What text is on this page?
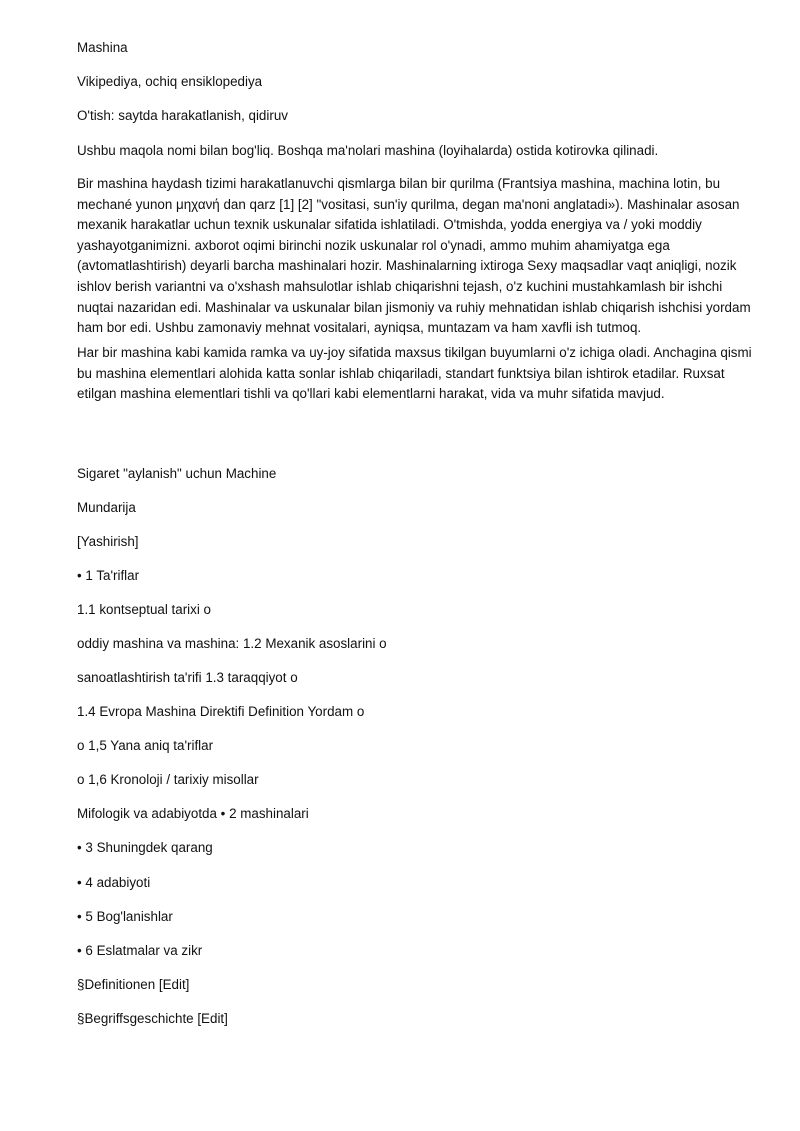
Mashina
Vikipediya, ochiq ensiklopediya
O'tish: saytda harakatlanish, qidiruv
Ushbu maqola nomi bilan bog'liq. Boshqa ma'nolari mashina (loyihalarda) ostida kotirovka qilinadi.
Bir mashina haydash tizimi harakatlanuvchi qismlarga bilan bir qurilma (Frantsiya mashina, machina lotin, bu mechané yunon μηχανή dan qarz [1] [2] "vositasi, sun'iy qurilma, degan ma'noni anglatadi»). Mashinalar asosan mexanik harakatlar uchun texnik uskunalar sifatida ishlatiladi. O'tmishda, yodda energiya va / yoki moddiy yashayotganimizni. axborot oqimi birinchi nozik uskunalar rol o'ynadi, ammo muhim ahamiyatga ega (avtomatlashtirish) deyarli barcha mashinalari hozir. Mashinalarning ixtiroga Sexy maqsadlar vaqt aniqligi, nozik ishlov berish variantni va o'xshash mahsulotlar ishlab chiqarishni tejash, o'z kuchini mustahkamlash bir ishchi nuqtai nazaridan edi. Mashinalar va uskunalar bilan jismoniy va ruhiy mehnatidan ishlab chiqarish ishchisi yordam ham bor edi. Ushbu zamonaviy mehnat vositalari, ayniqsa, muntazam va ham xavfli ish tutmoq.
Har bir mashina kabi kamida ramka va uy-joy sifatida maxsus tikilgan buyumlarni o'z ichiga oladi. Anchagina qismi bu mashina elementlari alohida katta sonlar ishlab chiqariladi, standart funktsiya bilan ishtirok etadilar. Ruxsat etilgan mashina elementlari tishli va qo'llari kabi elementlarni harakat, vida va muhr sifatida mavjud.
Sigaret "aylanish" uchun Machine
Mundarija
[Yashirish]
• 1 Ta'riflar
1.1 kontseptual tarixi o
oddiy mashina va mashina: 1.2 Mexanik asoslarini o
sanoatlashtirish ta'rifi 1.3 taraqqiyot o
1.4 Evropa Mashina Direktifi Definition Yordam o
o 1,5 Yana aniq ta'riflar
o 1,6 Kronoloji / tarixiy misollar
Mifologik va adabiyotda • 2 mashinalari
• 3 Shuningdek qarang
• 4 adabiyoti
• 5 Bog'lanishlar
• 6 Eslatmalar va zikr
§Definitionen [Edit]
§Begriffsgeschichte [Edit]
